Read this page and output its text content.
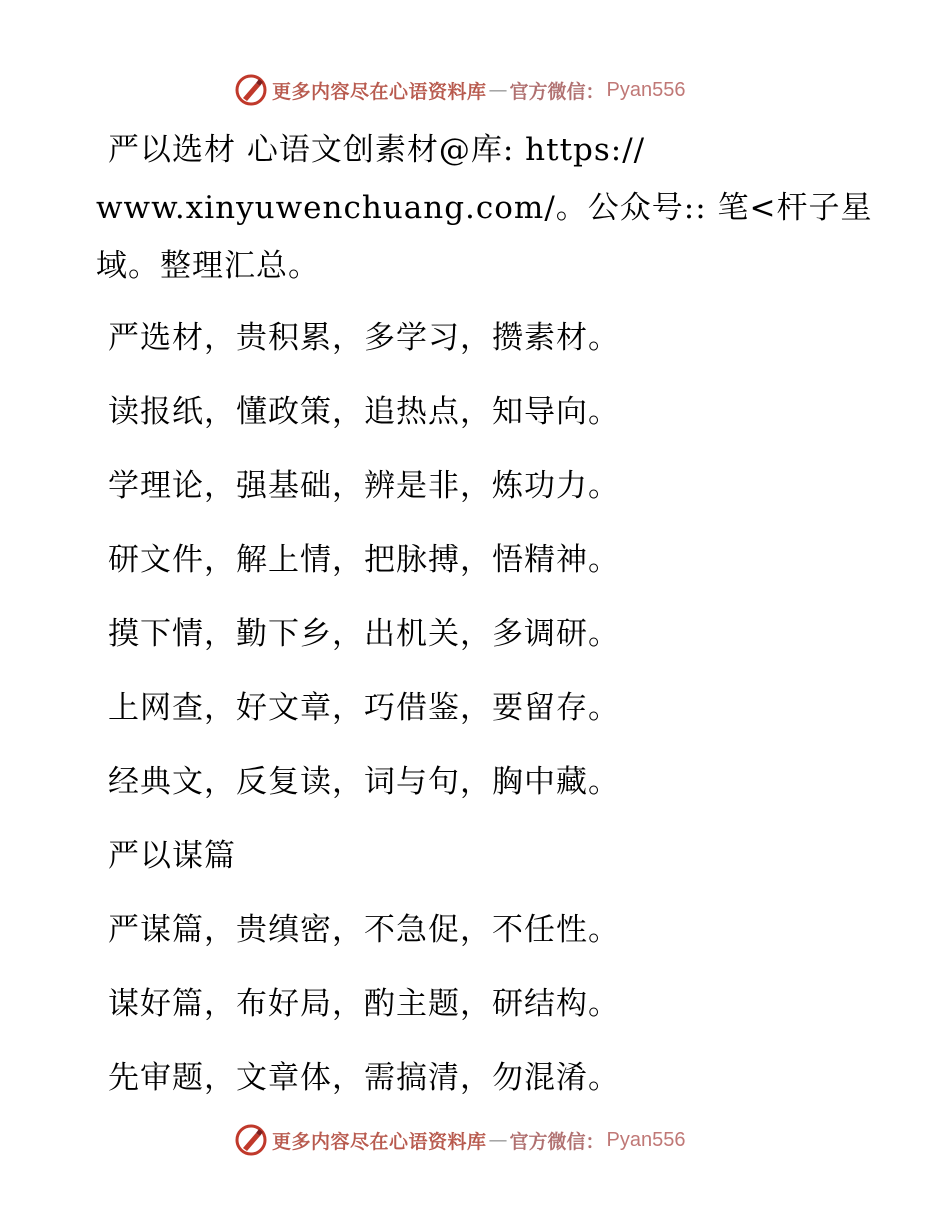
更多内容尽在心语资料库 — 官方微信： Pyan556
严以选材 心语文创素材@库: https://
www.xinyuwenchuang.com/。公众号:: 笔<杆子星
域。整理汇总。
严选材，贵积累，多学习，攒素材。
读报纸，懂政策，追热点，知导向。
学理论，强基础，辨是非，炼功力。
研文件，解上情，把脉搏，悟精神。
摸下情，勤下乡，出机关，多调研。
上网查，好文章，巧借鉴，要留存。
经典文，反复读，词与句，胸中藏。
严以谋篇
严谋篇，贵缜密，不急促，不任性。
谋好篇，布好局，酌主题，研结构。
先审题，文章体，需搞清，勿混淆。
更多内容尽在心语资料库 — 官方微信： Pyan556
